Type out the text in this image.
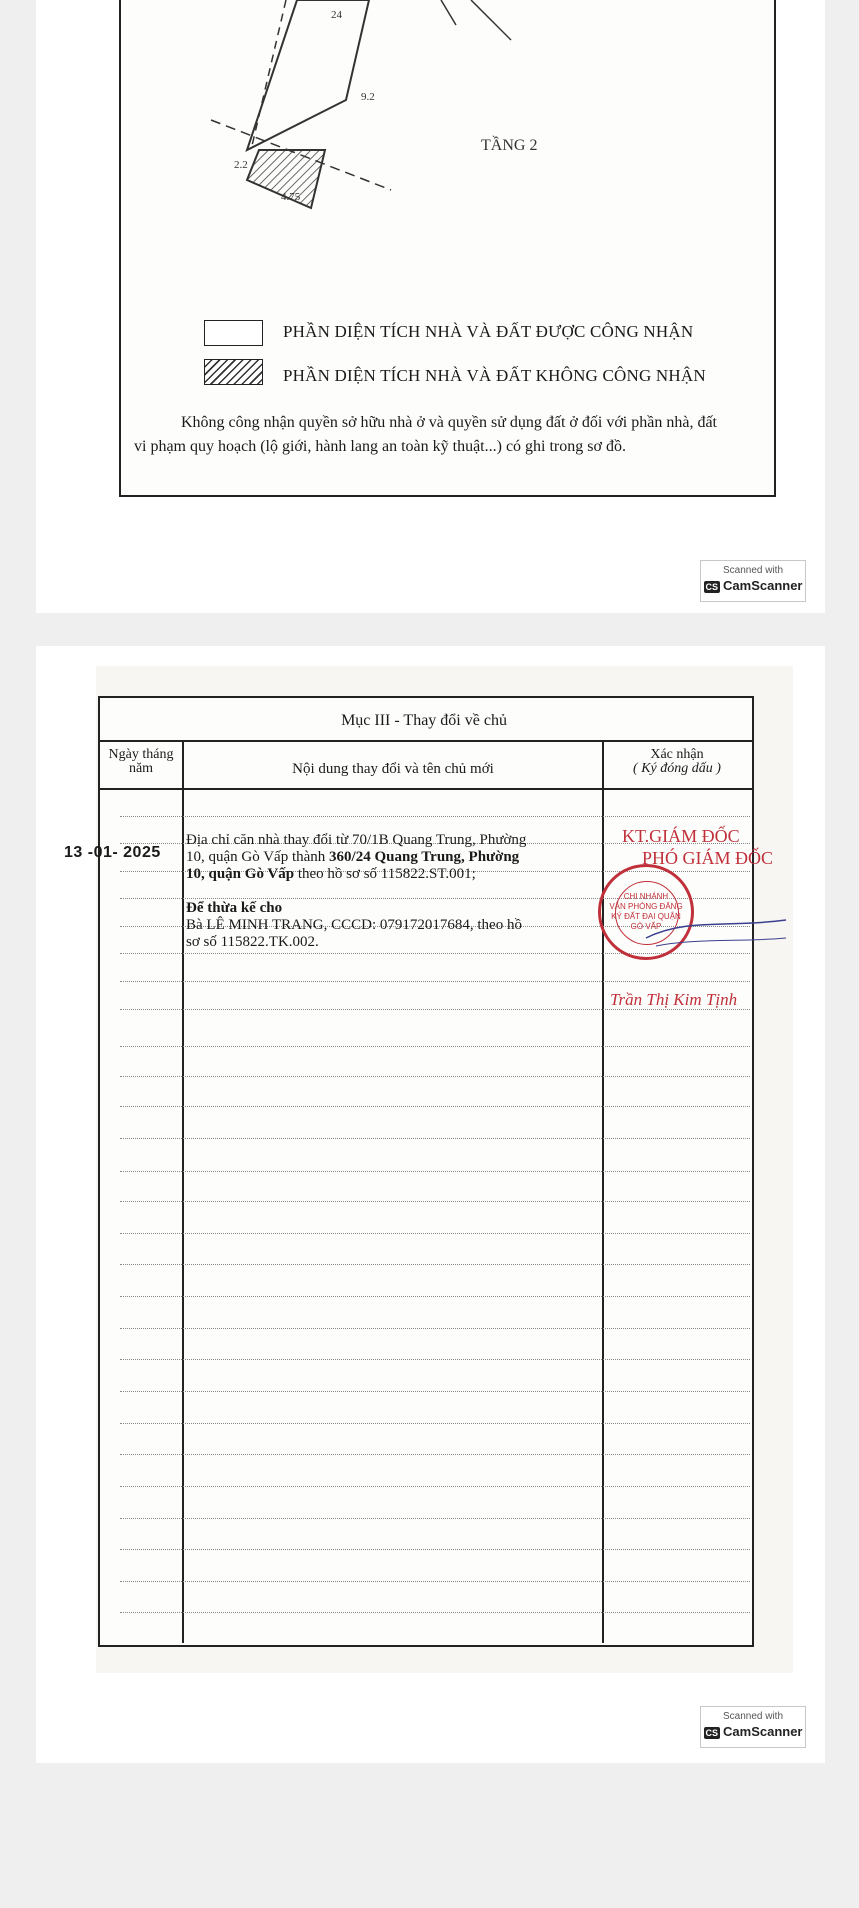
TẦNG 2
24
4.75
9.2
2.2
PHẦN DIỆN TÍCH NHÀ VÀ ĐẤT ĐƯỢC CÔNG NHẬN
PHẦN DIỆN TÍCH NHÀ VÀ ĐẤT KHÔNG CÔNG NHẬN
Không công nhận quyền sở hữu nhà ở và quyền sử dụng đất ở đối với phần nhà, đất
vi phạm quy hoạch (lộ giới, hành lang an toàn kỹ thuật...) có ghi trong sơ đồ.
Scanned with
CS CamScanner
Mục III - Thay đổi về chủ
Ngày tháng năm	Nội dung thay đổi và tên chủ mới
Xác nhận
( Ký đóng dấu )
13 -01- 2025
Địa chỉ căn nhà thay đổi từ 70/1B Quang Trung, Phường
10, quận Gò Vấp thành 360/24 Quang Trung, Phường
10, quận Gò Vấp theo hồ sơ số 115822.ST.001;
Để thừa kế cho
Bà LÊ MINH TRANG, CCCD: 079172017684, theo hồ
sơ số 115822.TK.002.
KT.GIÁM ĐỐC
PHÓ GIÁM ĐỐC
CHI NHÁNH
VĂN PHÒNG ĐĂNG
KÝ ĐẤT ĐAI QUẬN
GÒ VẤP
Trần Thị Kim Tịnh
Scanned with
CS CamScanner
